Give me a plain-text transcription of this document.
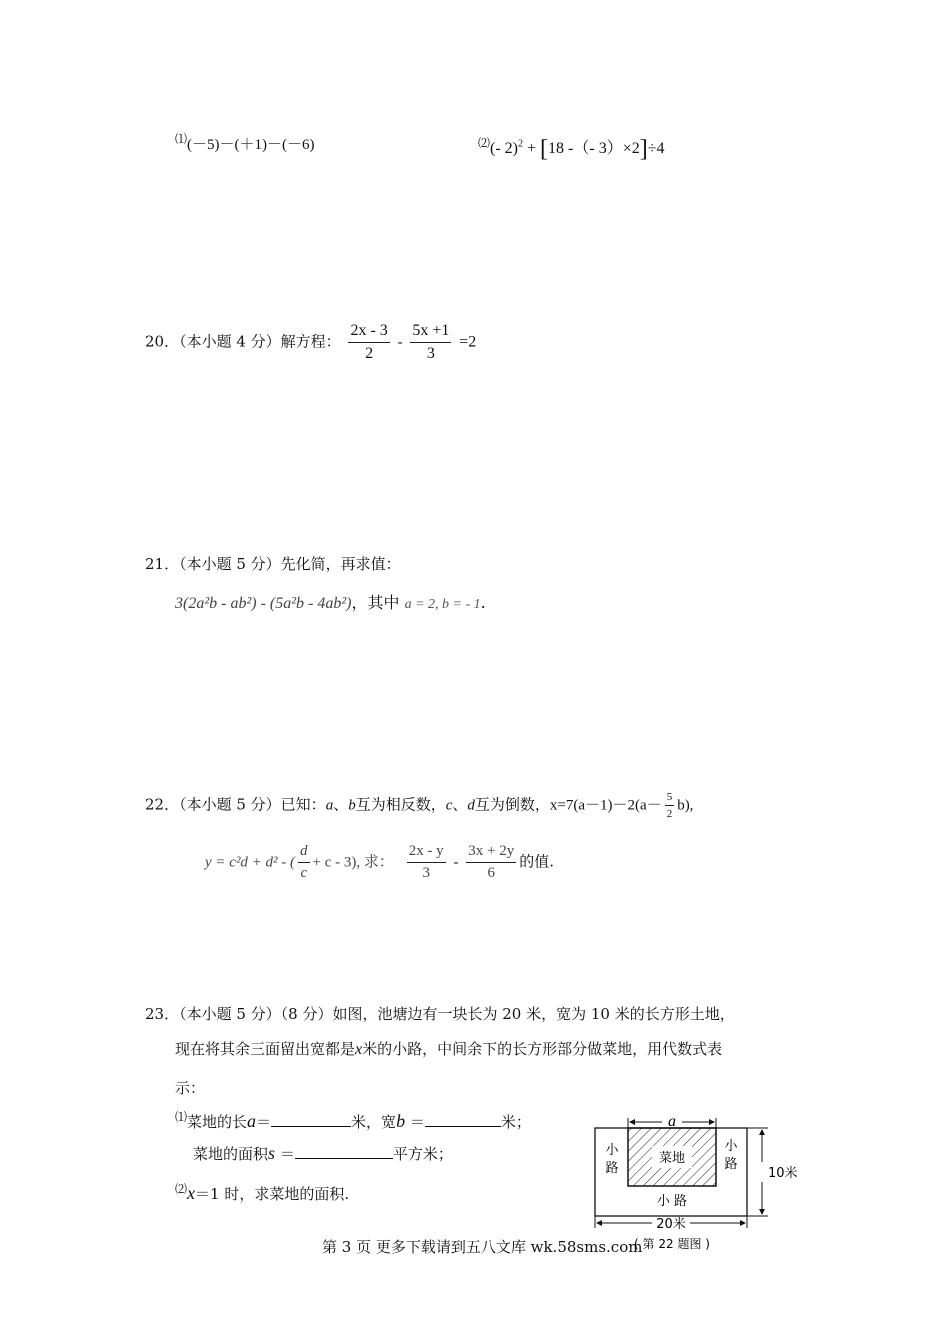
⑴(－5)－(＋1)－(－6)	⑵(- 2)$^2$ + [18 -（- 3）×2]÷4
20．（本小题 4 分）解方程： $\frac{2x - 3}{2} - \frac{5x +1}{3} =2$
21．（本小题 5 分）先化简，再求值：
3(2a²b - ab²) - (5a²b - 4ab²)，其中 a = 2, b = - 1.
22．（本小题 5 分）已知：a、b互为相反数，c、d互为倒数，$x=7(a-1)-2(a- \frac{5}{2} b)$,
y = c²d + d² - ( $\frac{d}{c} + c - 3$), 求： $\frac{2x - y}{3} - \frac{3x + 2y}{6}$ 的值.
23．（本小题 5 分）（8 分）如图，池塘边有一块长为 20 米，宽为 10 米的长方形土地，
现在将其余三面留出宽都是x米的小路，中间余下的长方形部分做菜地，用代数式表
示：
⑴菜地的长a＝	米，宽b ＝	米；
菜地的面积s ＝	平方米；
⑵x＝1 时，求菜地的面积.
菜地
a
小
路
小
路
小 路
10米
20米
( 第 22 题图 )
第 3 页 更多下载请到五八文库 wk.58sms.com
